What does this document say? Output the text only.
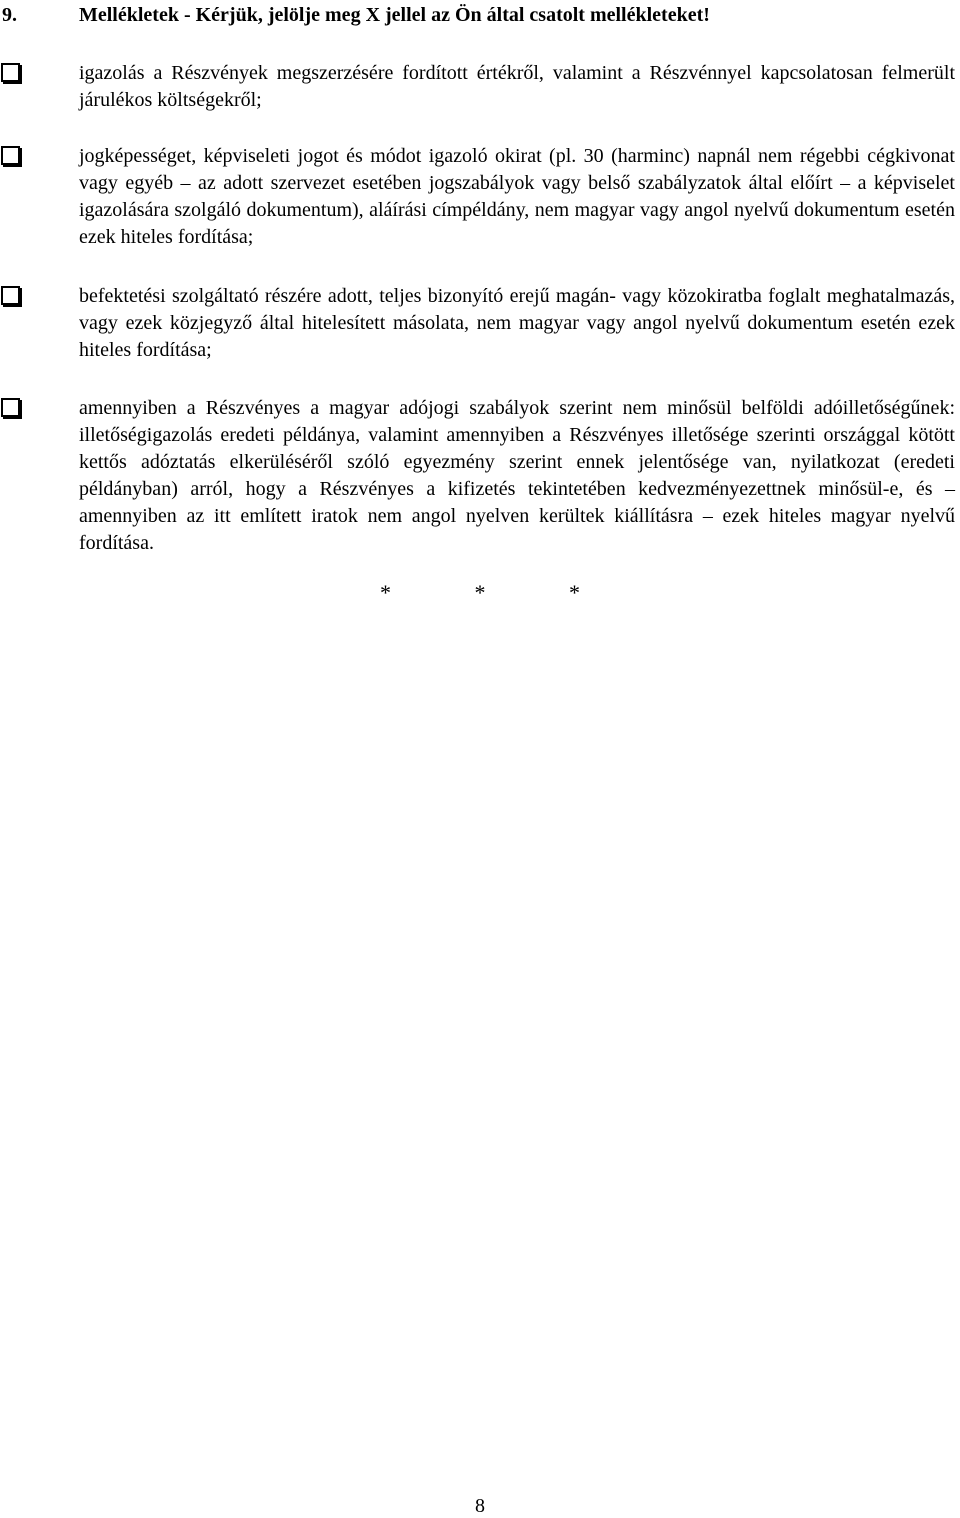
9.	Mellékletek - Kérjük, jelölje meg X jellel az Ön által csatolt mellékleteket!

igazolás a Részvények megszerzésére fordított értékről, valamint a Részvénnyel kapcsolatosan felmerült járulékos költségekről;

jogképességet, képviseleti jogot és módot igazoló okirat (pl. 30 (harminc) napnál nem régebbi cégkivonat vagy egyéb – az adott szervezet esetében jogszabályok vagy belső szabályzatok által előírt – a képviselet igazolására szolgáló dokumentum), aláírási címpéldány, nem magyar vagy angol nyelvű dokumentum esetén ezek hiteles fordítása;

befektetési szolgáltató részére adott, teljes bizonyító erejű magán- vagy közokiratba foglalt meghatalmazás, vagy ezek közjegyző által hitelesített másolata, nem magyar vagy angol nyelvű dokumentum esetén ezek hiteles fordítása;

amennyiben a Részvényes a magyar adójogi szabályok szerint nem minősül belföldi adóilletőségűnek: illetőségigazolás eredeti példánya, valamint amennyiben a Részvényes illetősége szerinti országgal kötött kettős adóztatás elkerüléséről szóló egyezmény szerint ennek jelentősége van, nyilatkozat (eredeti példányban) arról, hogy a Részvényes a kifizetés tekintetében kedvezményezettnek minősül-e, és – amennyiben az itt említett iratok nem angol nyelven kerültek kiállításra – ezek hiteles magyar nyelvű fordítása.

*	*	*
8
